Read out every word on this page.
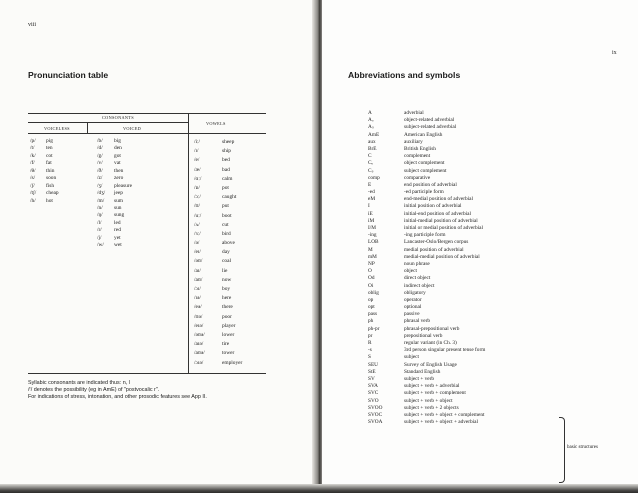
viii
Pronunciation table
CONSONANTS
VOWELS
VOICELESS	VOICED
/p/
/t/
/k/
/f/
/θ/
/s/
/ʃ/
/tʃ/
/h/
pig
ten
cot
fat
thin
soon
fish
cheap
hot
/b/
/d/
/g/
/v/
/ð/
/z/
/ʒ/
/dʒ/
/m/
/n/
/ŋ/
/l/
/r/
/j/
/w/
big
den
got
vat
then
zero
pleasure
jeep
sum
sun
sung
led
red
yet
wet
/iː/
/ɪ/
/e/
/æ/
/ɑː/
/ɒ/
/ɔː/
/ʊ/
/uː/
/ʌ/
/ɜː/
/ə/
/eɪ/
/əʊ/
/aɪ/
/aʊ/
/ɔɪ/
/ɪə/
/eə/
/ʊə/
/eɪə/
/əʊə/
/aɪə/
/aʊə/
/ɔɪə/
sheep
ship
bed
bad
calm
pot
caught
put
boot
cut
bird
above
day
coal
lie
now
boy
here
there
poor
player
lower
tire
tower
employer
Syllabic consonants are indicated thus: n, l
/ʳ/ denotes the possibility (eg in AmE) of "postvocalic r".
For indications of stress, intonation, and other prosodic features see App II.
ix
Abbreviations and symbols
A
Aₒ
Aₛ
AmE
aux
BrE
C
Cₒ
Cₛ
comp
E
-ed
eM
I
iE
iM
I/M
-ing
LOB
M
mM
NP
O
Od
Oi
oblig
op
opt
pass
ph
ph-pr
pr
R
-s
S
SEU
StE
SV
SVA
SVC
SVO
SVOO
SVOC
SVOA
adverbial
object-related adverbial
subject-related adverbial
American English
auxiliary
British English
complement
object complement
subject complement
comparative
end position of adverbial
-ed participle form
end-medial position of adverbial
initial position of adverbial
initial-end position of adverbial
initial-medial position of adverbial
initial or medial position of adverbial
-ing participle form
Lancaster-Oslo/Bergen corpus
medial position of adverbial
medial-medial position of adverbial
noun phrase
object
direct object
indirect object
obligatory
operator
optional
passive
phrasal verb
phrasal-prepositional verb
prepositional verb
regular variant (in Ch. 3)
3rd person singular present tense form
subject
Survey of English Usage
Standard English
subject + verb
subject + verb + adverbial
subject + verb + complement
subject + verb + object
subject + verb + 2 objects
subject + verb + object + complement
subject + verb + object + adverbial
basic structures
